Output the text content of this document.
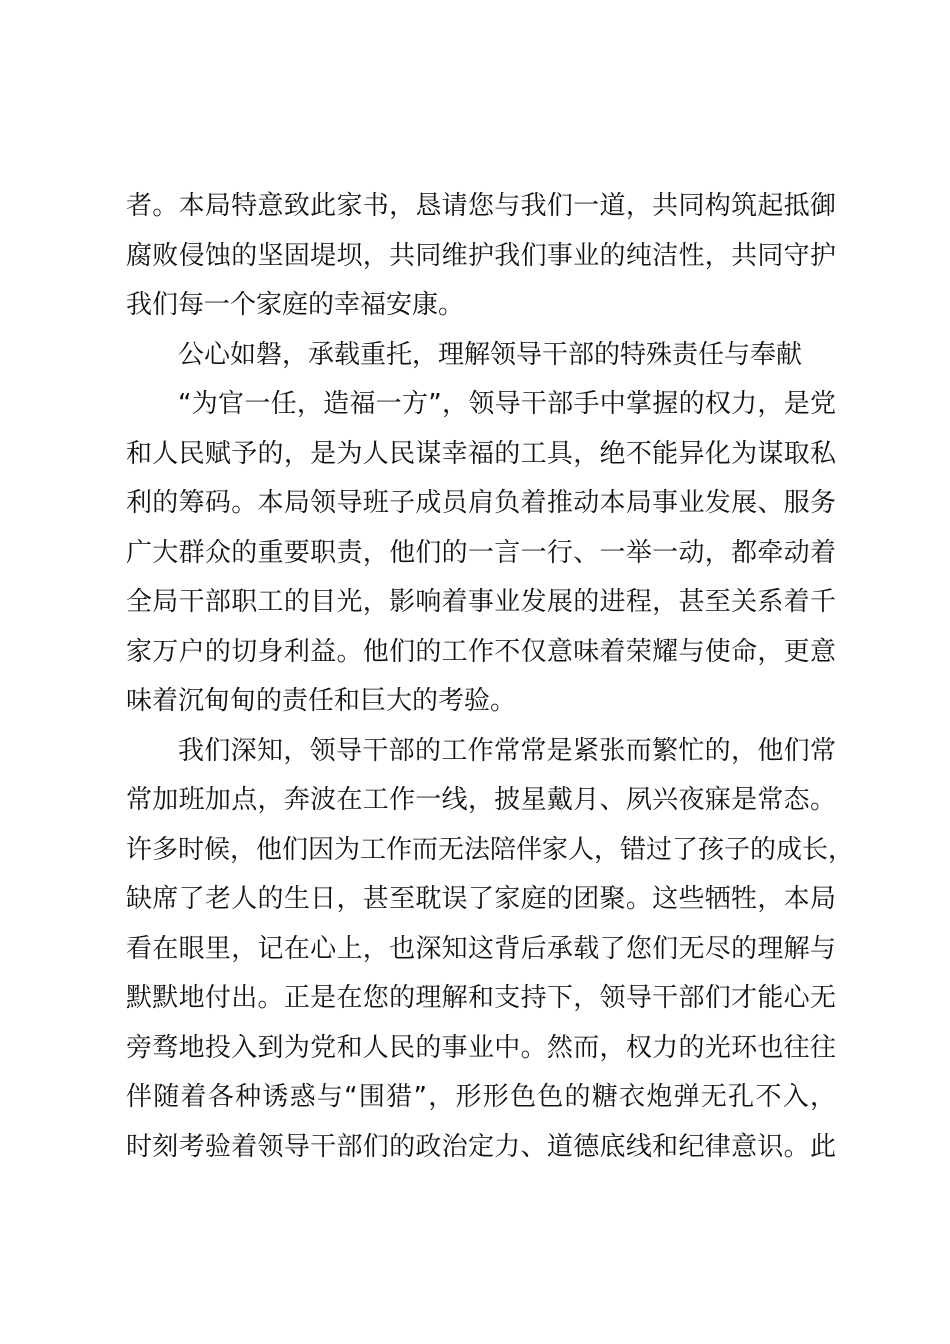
者。本局特意致此家书，恳请您与我们一道，共同构筑起抵御
腐败侵蚀的坚固堤坝，共同维护我们事业的纯洁性，共同守护
我们每一个家庭的幸福安康。
公心如磐，承载重托，理解领导干部的特殊责任与奉献
“为官一任，造福一方”，领导干部手中掌握的权力，是党
和人民赋予的，是为人民谋幸福的工具，绝不能异化为谋取私
利的筹码。本局领导班子成员肩负着推动本局事业发展、服务
广大群众的重要职责，他们的一言一行、一举一动，都牵动着
全局干部职工的目光，影响着事业发展的进程，甚至关系着千
家万户的切身利益。他们的工作不仅意味着荣耀与使命，更意
味着沉甸甸的责任和巨大的考验。
我们深知，领导干部的工作常常是紧张而繁忙的，他们常
常加班加点，奔波在工作一线，披星戴月、夙兴夜寐是常态。
许多时候，他们因为工作而无法陪伴家人，错过了孩子的成长，
缺席了老人的生日，甚至耽误了家庭的团聚。这些牺牲，本局
看在眼里，记在心上，也深知这背后承载了您们无尽的理解与
默默地付出。正是在您的理解和支持下，领导干部们才能心无
旁骛地投入到为党和人民的事业中。然而，权力的光环也往往
伴随着各种诱惑与“围猎”，形形色色的糖衣炮弹无孔不入，
时刻考验着领导干部们的政治定力、道德底线和纪律意识。此
